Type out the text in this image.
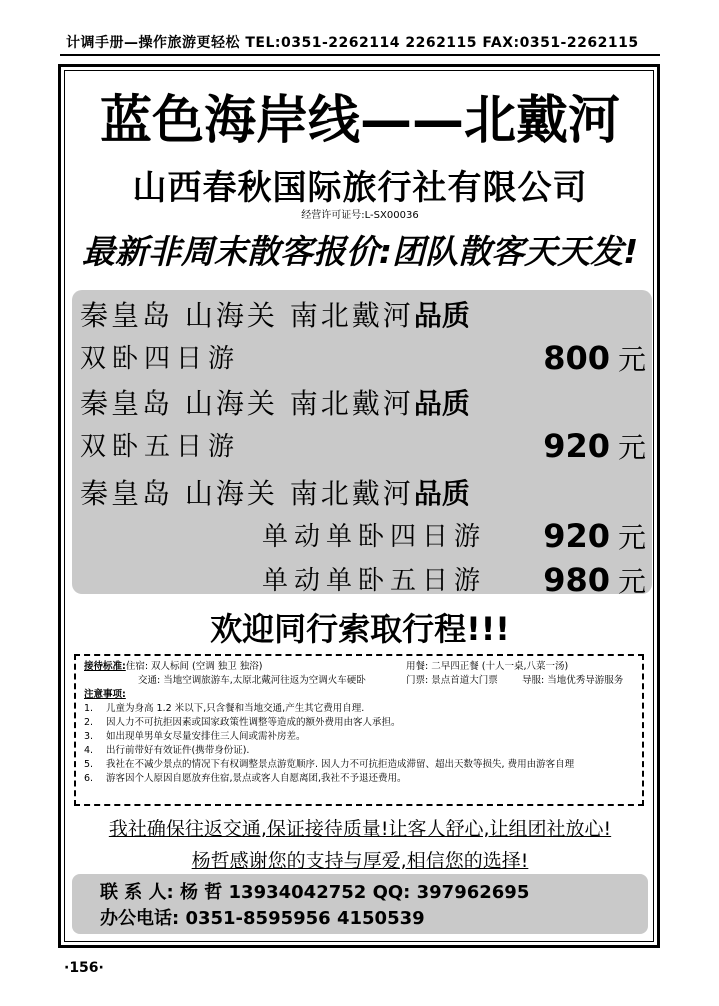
计调手册—操作旅游更轻松 TEL:0351-2262114 2262115 FAX:0351-2262115
蓝色海岸线——北戴河
山西春秋国际旅行社有限公司
经营许可证号:L-SX00036
最新非周末散客报价:团队散客天天发!
秦皇岛 山海关 南北戴河品质
双卧四日游	800 元
秦皇岛 山海关 南北戴河品质
双卧五日游	920 元
秦皇岛 山海关 南北戴河品质
单动单卧四日游 920 元
单动单卧五日游 980 元
欢迎同行索取行程!!!
接待标准:住宿: 双人标间 (空调 独卫 独浴)	用餐: 二早四正餐 (十人一桌,八菜一汤)
交通: 当地空调旅游车,太原北戴河往返为空调火车硬卧	门票: 景点首道大门票	导服: 当地优秀导游服务
注意事项:
1. 儿童为身高 1.2 米以下,只含餐和当地交通,产生其它费用自理.
2. 因人力不可抗拒因素或国家政策性调整等造成的额外费用由客人承担。
3. 如出现单男单女尽量安排住三人间或需补房差。
4. 出行前带好有效证件(携带身份证).
5. 我社在不减少景点的情况下有权调整景点游览顺序. 因人力不可抗拒造成滞留、超出天数等损失, 费用由游客自理
6. 游客因个人原因自愿放弃住宿,景点或客人自愿离团,我社不予退还费用。
我社确保往返交通,保证接待质量!让客人舒心,让组团社放心!
杨哲感谢您的支持与厚爱,相信您的选择!
联 系 人: 杨 哲 13934042752 QQ: 397962695
办公电话: 0351-8595956 4150539
·156·
